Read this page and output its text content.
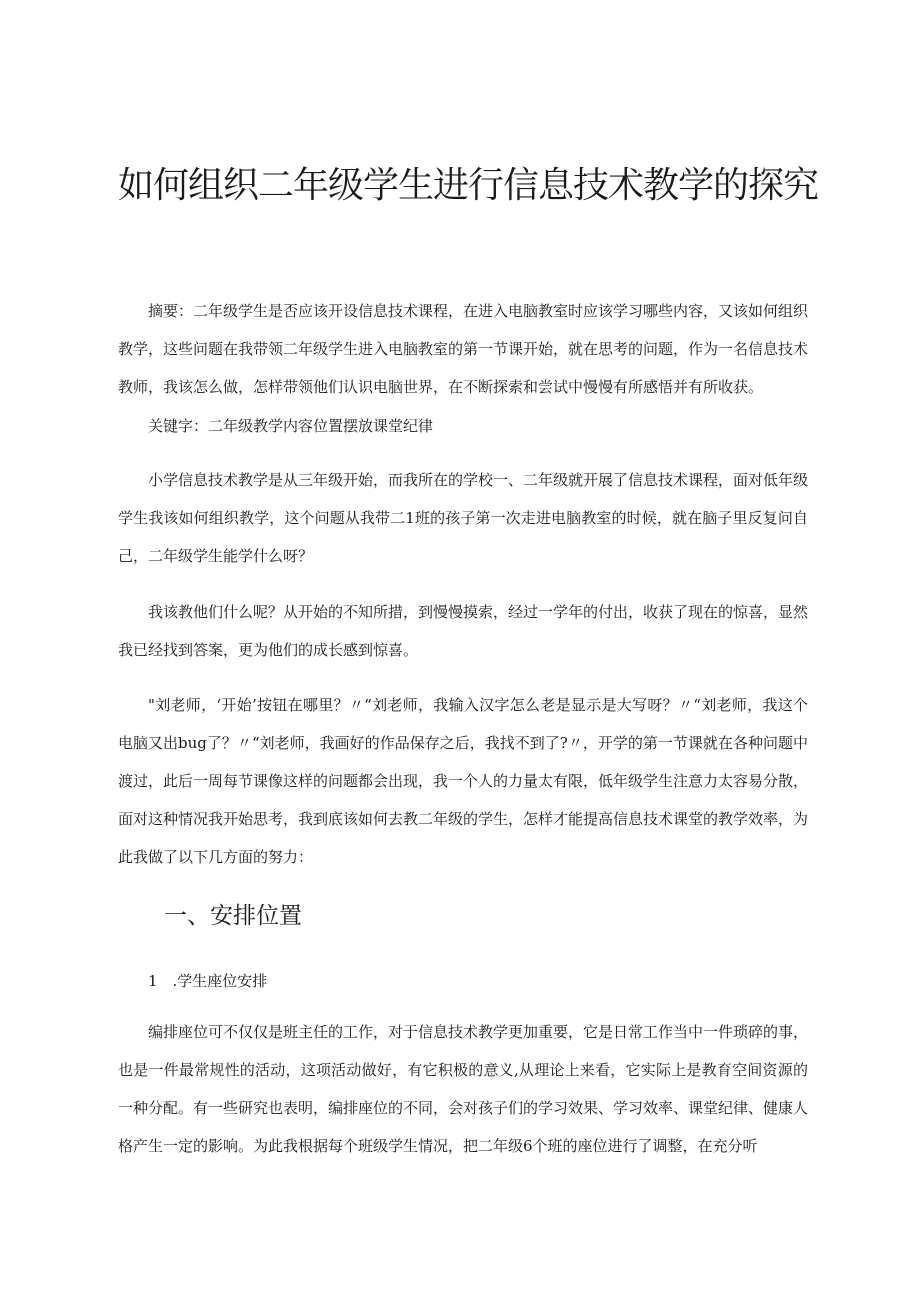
如何组织二年级学生进行信息技术教学的探究

摘要：二年级学生是否应该开设信息技术课程，在进入电脑教室时应该学习哪些内容，又该如何组织教学，这些问题在我带领二年级学生进入电脑教室的第一节课开始，就在思考的问题，作为一名信息技术教师，我该怎么做，怎样带领他们认识电脑世界，在不断探索和尝试中慢慢有所感悟并有所收获。

关键字：二年级教学内容位置摆放课堂纪律

小学信息技术教学是从三年级开始，而我所在的学校一、二年级就开展了信息技术课程，面对低年级学生我该如何组织教学，这个问题从我带二1班的孩子第一次走进电脑教室的时候，就在脑子里反复问自己，二年级学生能学什么呀？

我该教他们什么呢？从开始的不知所措，到慢慢摸索，经过一学年的付出，收获了现在的惊喜，显然我已经找到答案，更为他们的成长感到惊喜。

"刘老师，‘开始’按钮在哪里？〃“刘老师，我输入汉字怎么老是显示是大写呀？〃“刘老师，我这个电脑又出bug了？〃“刘老师，我画好的作品保存之后，我找不到了?〃，开学的第一节课就在各种问题中渡过，此后一周每节课像这样的问题都会出现，我一个人的力量太有限，低年级学生注意力太容易分散，面对这种情况我开始思考，我到底该如何去教二年级的学生，怎样才能提高信息技术课堂的教学效率，为此我做了以下几方面的努力：

一、安排位置

1　.学生座位安排

编排座位可不仅仅是班主任的工作，对于信息技术教学更加重要，它是日常工作当中一件琐碎的事，也是一件最常规性的活动，这项活动做好，有它积极的意义,从理论上来看，它实际上是教育空间资源的一种分配。有一些研究也表明，编排座位的不同，会对孩子们的学习效果、学习效率、课堂纪律、健康人格产生一定的影响。为此我根据每个班级学生情况，把二年级6个班的座位进行了调整，在充分听
